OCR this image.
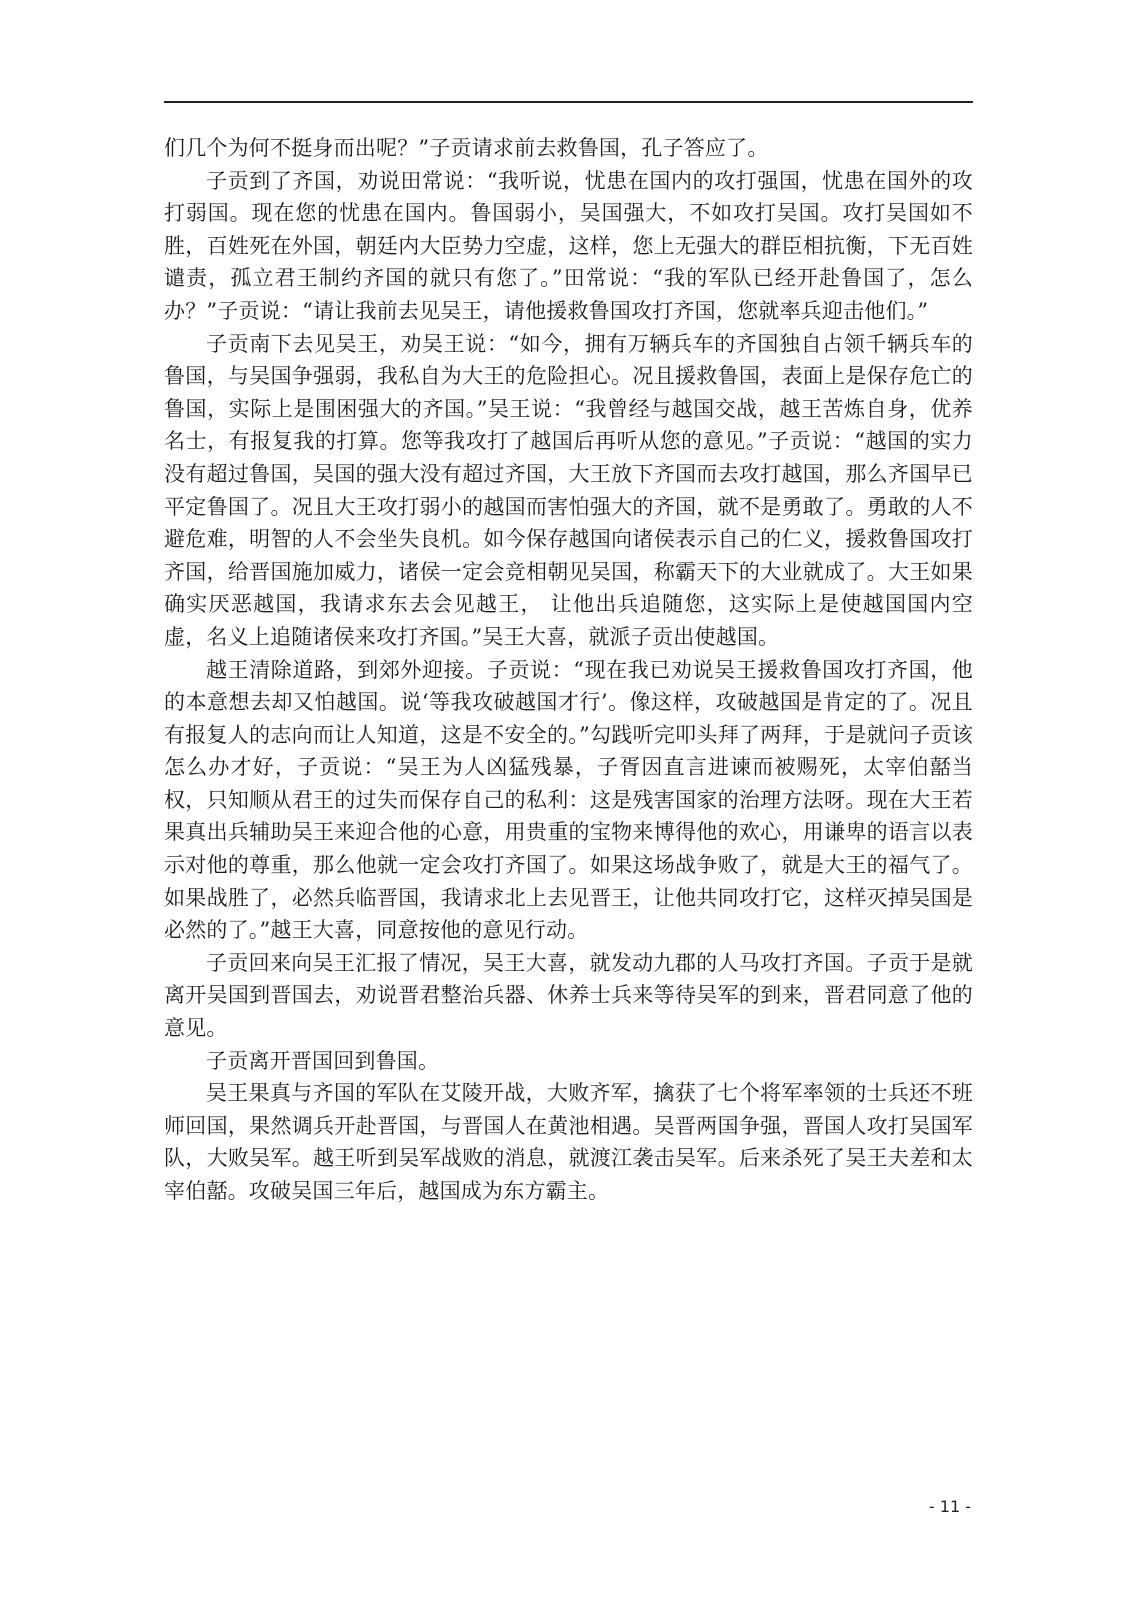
们几个为何不挺身而出呢？”子贡请求前去救鲁国，孔子答应了。

子贡到了齐国，劝说田常说：“我听说，忧患在国内的攻打强国，忧患在国外的攻打弱国。现在您的忧患在国内。鲁国弱小，吴国强大，不如攻打吴国。攻打吴国如不胜，百姓死在外国，朝廷内大臣势力空虚，这样，您上无强大的群臣相抗衡，下无百姓谴责，孤立君王制约齐国的就只有您了。”田常说：“我的军队已经开赴鲁国了，怎么办？”子贡说：“请让我前去见吴王，请他援救鲁国攻打齐国，您就率兵迎击他们。”

子贡南下去见吴王，劝吴王说：“如今，拥有万辆兵车的齐国独自占领千辆兵车的鲁国，与吴国争强弱，我私自为大王的危险担心。况且援救鲁国，表面上是保存危亡的鲁国，实际上是围困强大的齐国。”吴王说：“我曾经与越国交战，越王苦炼自身，优养名士，有报复我的打算。您等我攻打了越国后再听从您的意见。”子贡说：“越国的实力没有超过鲁国，吴国的强大没有超过齐国，大王放下齐国而去攻打越国，那么齐国早已平定鲁国了。况且大王攻打弱小的越国而害怕强大的齐国，就不是勇敢了。勇敢的人不避危难，明智的人不会坐失良机。如今保存越国向诸侯表示自己的仁义，援救鲁国攻打齐国，给晋国施加威力，诸侯一定会竞相朝见吴国，称霸天下的大业就成了。大王如果确实厌恶越国，我请求东去会见越王， 让他出兵追随您，这实际上是使越国国内空虚，名义上追随诸侯来攻打齐国。”吴王大喜，就派子贡出使越国。

越王清除道路，到郊外迎接。子贡说：“现在我已劝说吴王援救鲁国攻打齐国，他的本意想去却又怕越国。说‘等我攻破越国才行’。像这样，攻破越国是肯定的了。况且有报复人的志向而让人知道，这是不安全的。”勾践听完叩头拜了两拜，于是就问子贡该怎么办才好，子贡说：“吴王为人凶猛残暴，子胥因直言进谏而被赐死，太宰伯嚭当权，只知顺从君王的过失而保存自己的私利：这是残害国家的治理方法呀。现在大王若果真出兵辅助吴王来迎合他的心意，用贵重的宝物来博得他的欢心，用谦卑的语言以表示对他的尊重，那么他就一定会攻打齐国了。如果这场战争败了，就是大王的福气了。如果战胜了，必然兵临晋国，我请求北上去见晋王，让他共同攻打它，这样灭掉吴国是必然的了。”越王大喜，同意按他的意见行动。

子贡回来向吴王汇报了情况，吴王大喜，就发动九郡的人马攻打齐国。子贡于是就离开吴国到晋国去，劝说晋君整治兵器、休养士兵来等待吴军的到来，晋君同意了他的意见。

子贡离开晋国回到鲁国。

吴王果真与齐国的军队在艾陵开战，大败齐军，擒获了七个将军率领的士兵还不班师回国，果然调兵开赴晋国，与晋国人在黄池相遇。吴晋两国争强，晋国人攻打吴国军队，大败吴军。越王听到吴军战败的消息，就渡江袭击吴军。后来杀死了吴王夫差和太宰伯嚭。攻破吴国三年后，越国成为东方霸主。

- 11 -
